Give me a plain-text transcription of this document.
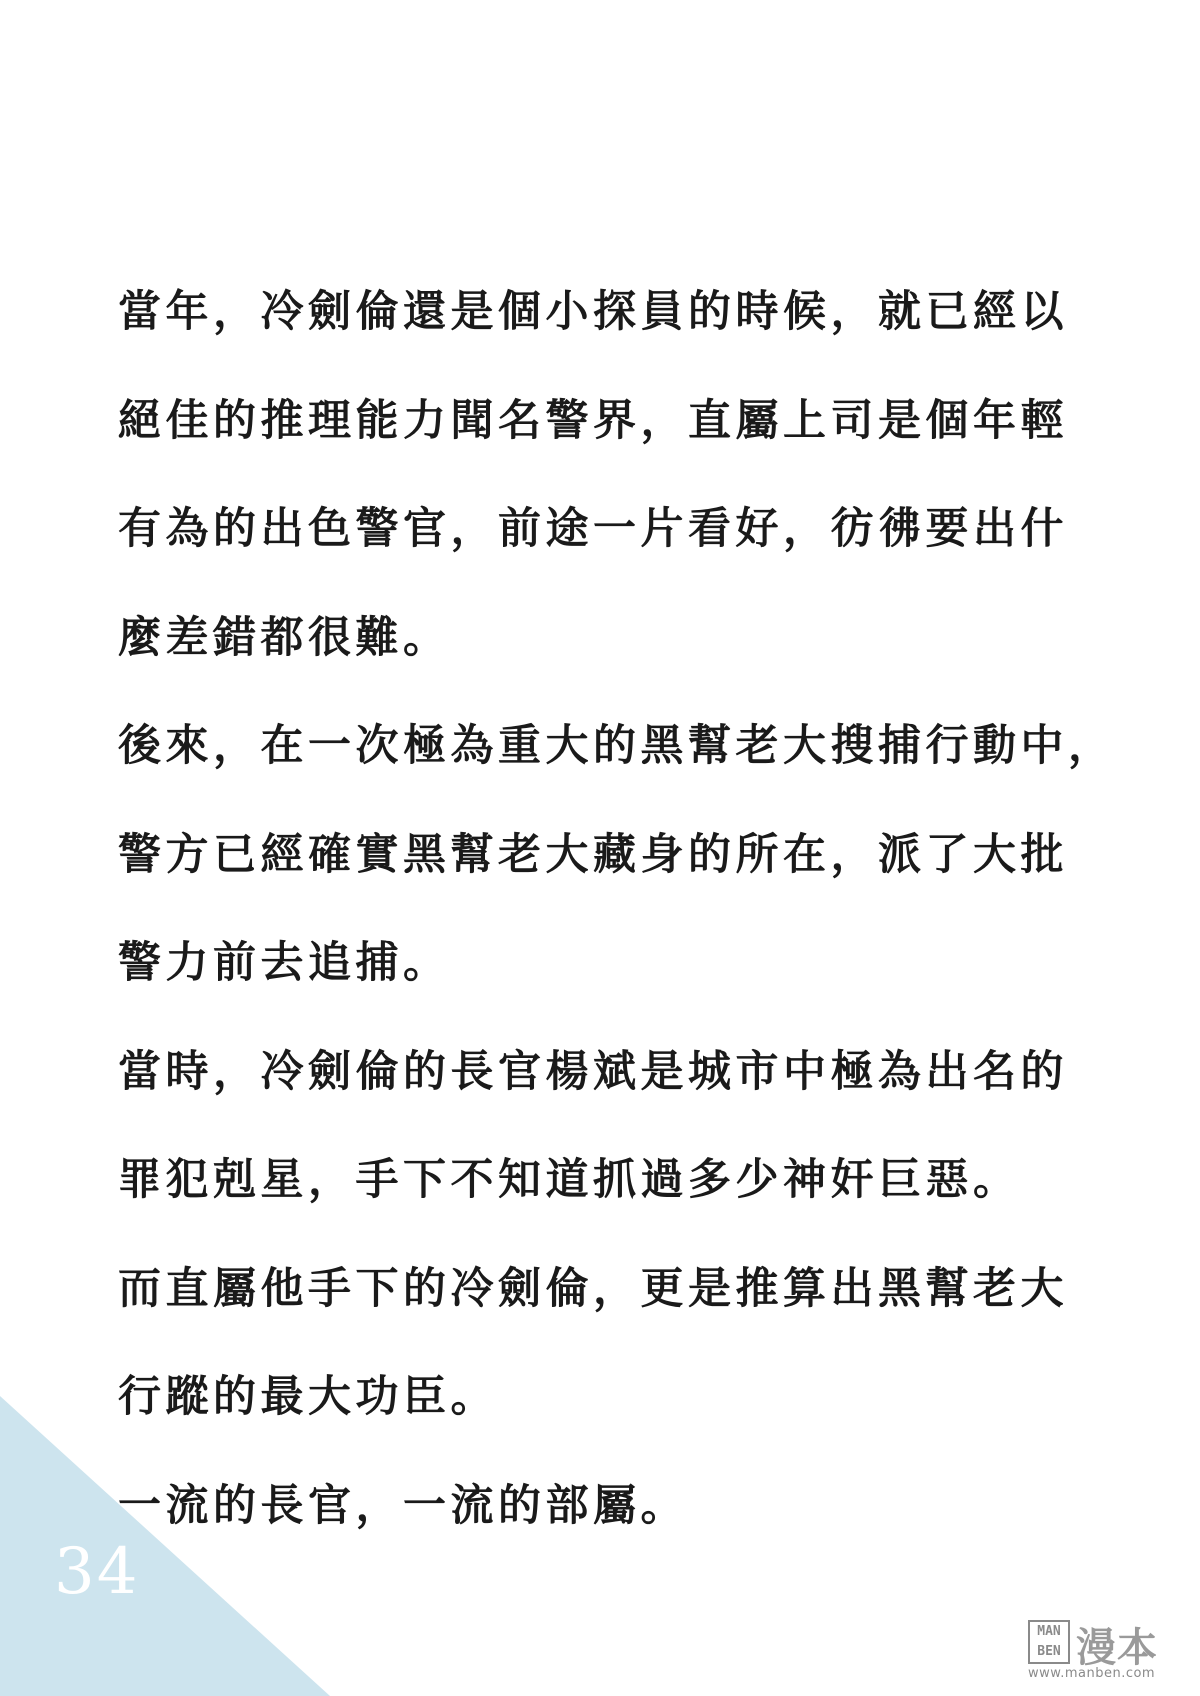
34
當年，冷劍倫還是個小探員的時候，就已經以
絕佳的推理能力聞名警界，直屬上司是個年輕
有為的出色警官，前途一片看好，彷彿要出什
麼差錯都很難。
後來，在一次極為重大的黑幫老大搜捕行動中，
警方已經確實黑幫老大藏身的所在，派了大批
警力前去追捕。
當時，冷劍倫的長官楊斌是城市中極為出名的
罪犯剋星，手下不知道抓過多少神奸巨惡。
而直屬他手下的冷劍倫，更是推算出黑幫老大
行蹤的最大功臣。
一流的長官，一流的部屬。
MAN
BEN 漫本
www.manben.com
